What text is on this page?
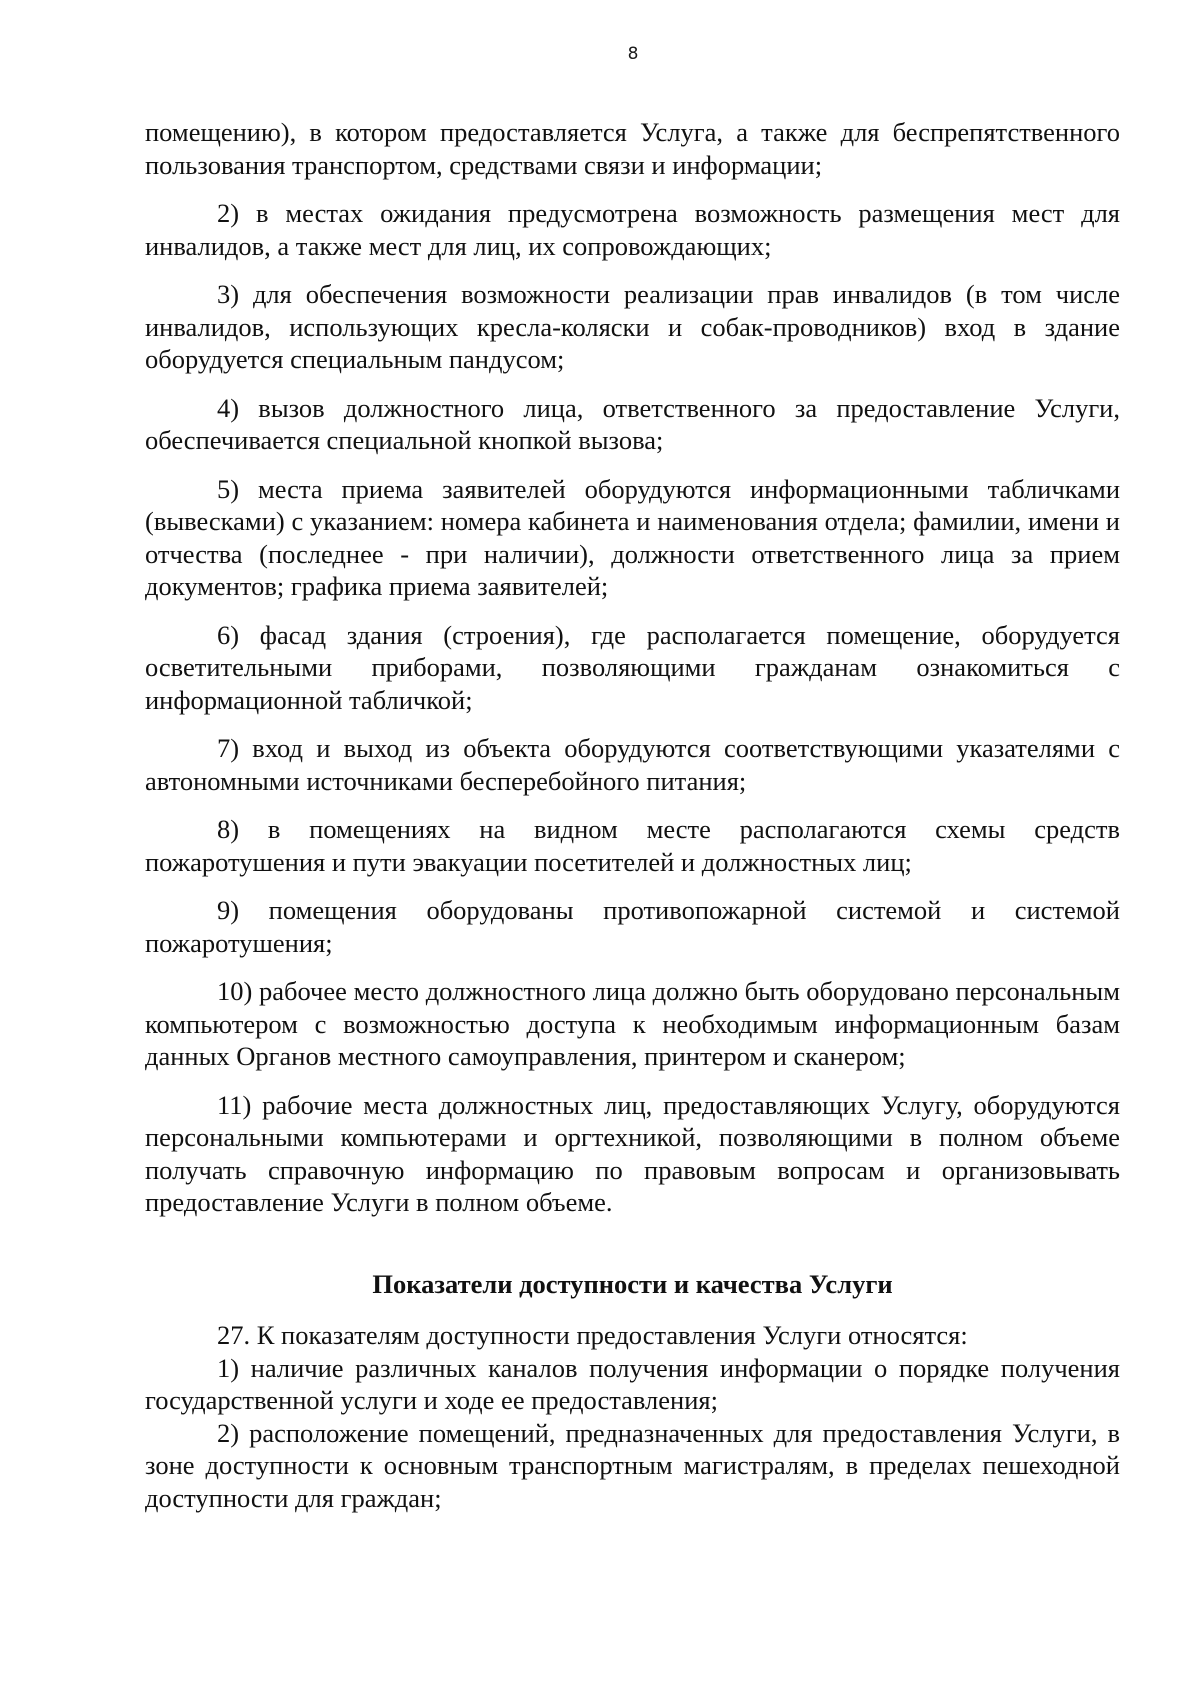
8

помещению), в котором предоставляется Услуга, а также для беспрепятственного пользования транспортом, средствами связи и информации;

2) в местах ожидания предусмотрена возможность размещения мест для инвалидов, а также мест для лиц, их сопровождающих;

3) для обеспечения возможности реализации прав инвалидов (в том числе инвалидов, использующих кресла-коляски и собак-проводников) вход в здание оборудуется специальным пандусом;

4) вызов должностного лица, ответственного за предоставление Услуги, обеспечивается специальной кнопкой вызова;

5) места приема заявителей оборудуются информационными табличками (вывесками) с указанием: номера кабинета и наименования отдела; фамилии, имени и отчества (последнее - при наличии), должности ответственного лица за прием документов; графика приема заявителей;

6) фасад здания (строения), где располагается помещение, оборудуется осветительными приборами, позволяющими гражданам ознакомиться с информационной табличкой;

7) вход и выход из объекта оборудуются соответствующими указателями с автономными источниками бесперебойного питания;

8) в помещениях на видном месте располагаются схемы средств пожаротушения и пути эвакуации посетителей и должностных лиц;

9) помещения оборудованы противопожарной системой и системой пожаротушения;

10) рабочее место должностного лица должно быть оборудовано персональным компьютером с возможностью доступа к необходимым информационным базам данных Органов местного самоуправления, принтером и сканером;

11) рабочие места должностных лиц, предоставляющих Услугу, оборудуются персональными компьютерами и оргтехникой, позволяющими в полном объеме получать справочную информацию по правовым вопросам и организовывать предоставление Услуги в полном объеме.

Показатели доступности и качества Услуги

27. К показателям доступности предоставления Услуги относятся:

1) наличие различных каналов получения информации о порядке получения государственной услуги и ходе ее предоставления;

2) расположение помещений, предназначенных для предоставления Услуги, в зоне доступности к основным транспортным магистралям, в пределах пешеходной доступности для граждан;
